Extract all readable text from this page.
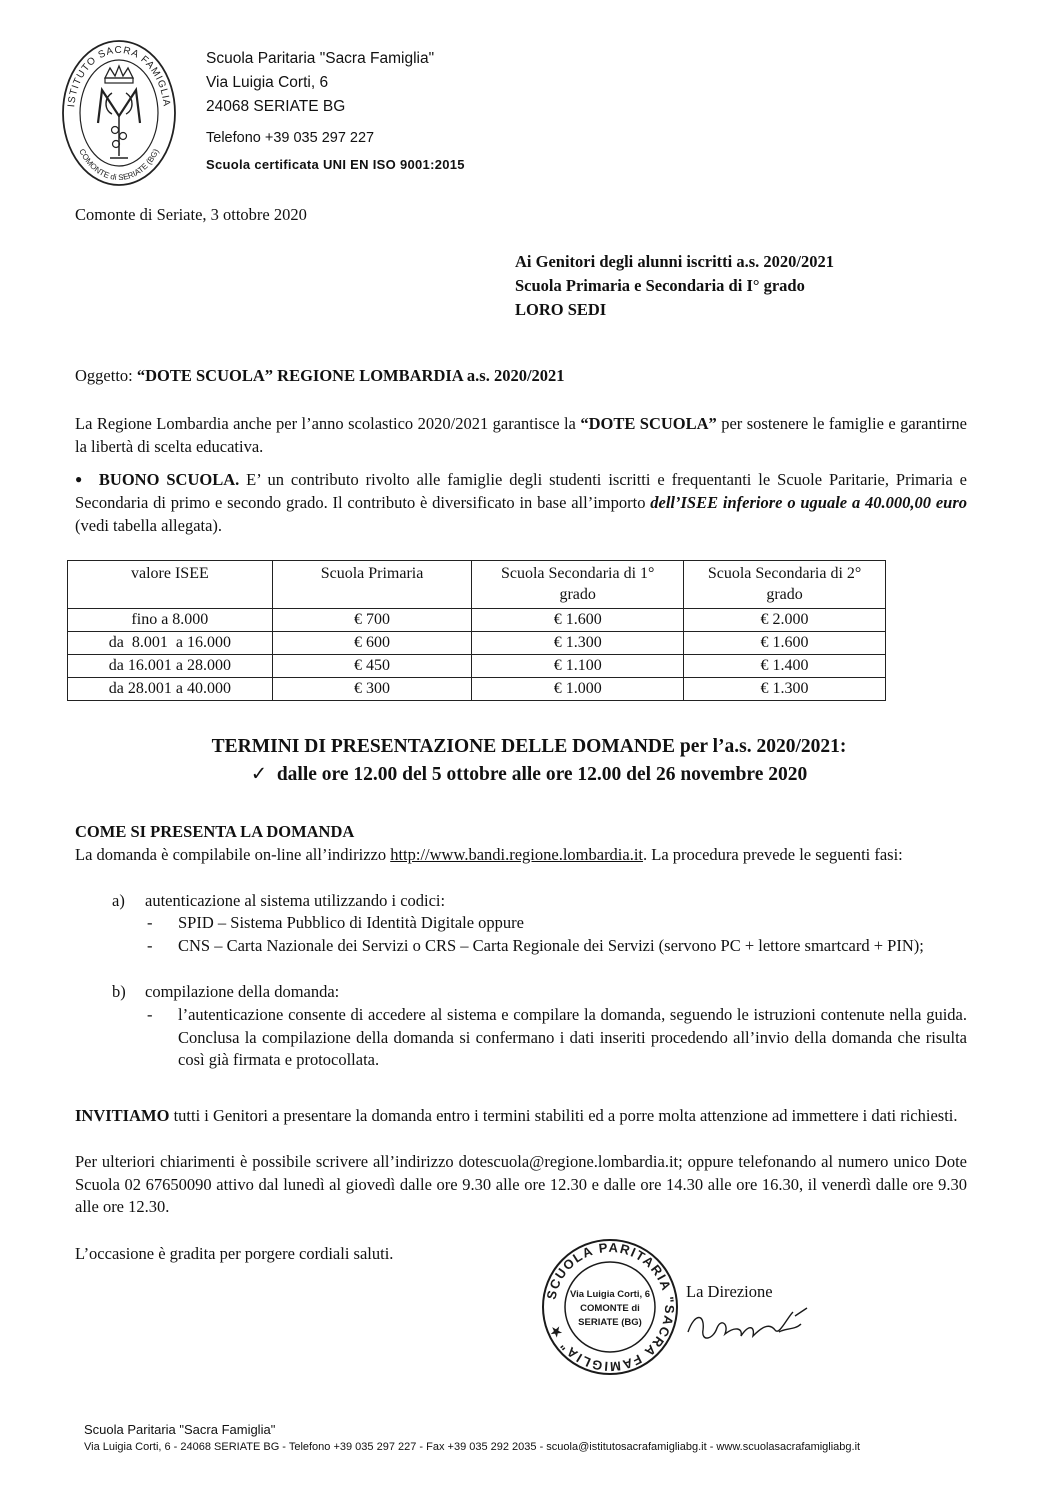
ISTITUTO SACRA FAMIGLIA
COMONTE di SERIATE (BG)
Scuola Paritaria "Sacra Famiglia"
Via Luigia Corti, 6
24068 SERIATE BG
Telefono +39 035 297 227
Scuola certificata UNI EN ISO 9001:2015
Comonte di Seriate, 3 ottobre 2020
Ai Genitori degli alunni iscritti a.s. 2020/2021
Scuola Primaria e Secondaria di I° grado
LORO SEDI
Oggetto: “DOTE SCUOLA” REGIONE LOMBARDIA a.s. 2020/2021
La Regione Lombardia anche per l’anno scolastico 2020/2021 garantisce la “DOTE SCUOLA” per sostenere le famiglie e garantirne la libertà di scelta educativa.
● BUONO SCUOLA. E’ un contributo rivolto alle famiglie degli studenti iscritti e frequentanti le Scuole Paritarie, Primaria e Secondaria di primo e secondo grado. Il contributo è diversificato in base all’importo dell’ISEE inferiore o uguale a 40.000,00 euro (vedi tabella allegata).
valore ISEE	Scuola Primaria	Scuola Secondaria di 1° grado	Scuola Secondaria di 2° grado
fino a 8.000	€ 700	€ 1.600	€ 2.000
da  8.001  a 16.000	€ 600	€ 1.300	€ 1.600
da 16.001 a 28.000	€ 450	€ 1.100	€ 1.400
da 28.001 a 40.000	€ 300	€ 1.000	€ 1.300
TERMINI DI PRESENTAZIONE DELLE DOMANDE per l’a.s. 2020/2021:
✓ dalle ore 12.00 del 5 ottobre alle ore 12.00 del 26 novembre 2020
COME SI PRESENTA LA DOMANDA
La domanda è compilabile on-line all’indirizzo http://www.bandi.regione.lombardia.it. La procedura prevede le seguenti fasi:
a) autenticazione al sistema utilizzando i codici:
- SPID – Sistema Pubblico di Identità Digitale oppure
- CNS – Carta Nazionale dei Servizi o CRS – Carta Regionale dei Servizi (servono PC + lettore smartcard + PIN);
b) compilazione della domanda:
- l’autenticazione consente di accedere al sistema e compilare la domanda, seguendo le istruzioni contenute nella guida. Conclusa la compilazione della domanda si confermano i dati inseriti procedendo all’invio della domanda che risulta così già firmata e protocollata.
INVITIAMO tutti i Genitori a presentare la domanda entro i termini stabiliti ed a porre molta attenzione ad immettere i dati richiesti.
Per ulteriori chiarimenti è possibile scrivere all’indirizzo dotescuola@regione.lombardia.it; oppure telefonando al numero unico Dote Scuola 02 67650090 attivo dal lunedì al giovedì dalle ore 9.30 alle ore 12.30 e dalle ore 14.30 alle ore 16.30, il venerdì dalle ore 9.30 alle ore 12.30.
L’occasione è gradita per porgere cordiali saluti.
SCUOLA PARITARIA "SACRA FAMIGLIA" ★
Via Luigia Corti, 6
COMONTE di
SERIATE (BG)
La Direzione
Scuola Paritaria "Sacra Famiglia"
Via Luigia Corti, 6 - 24068 SERIATE BG - Telefono +39 035 297 227 - Fax +39 035 292 2035 - scuola@istitutosacrafamigliabg.it - www.scuolasacrafamigliabg.it
